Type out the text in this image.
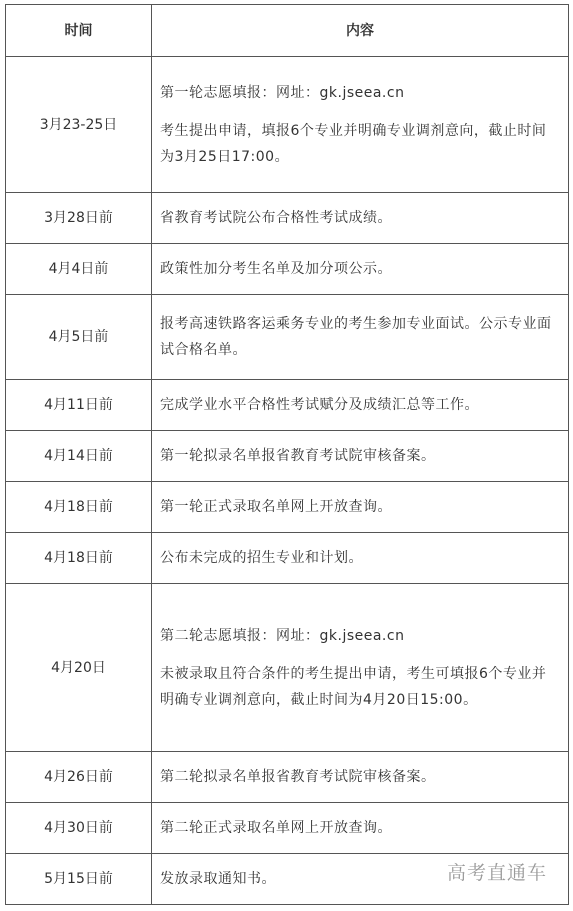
时间	内容
3月23-25日	第一轮志愿填报：网址：gk.jseea.cn

考生提出申请，填报6个专业并明确专业调剂意向，截止时间为3月25日17:00。

3月28日前	省教育考试院公布合格性考试成绩。

4月4日前	政策性加分考生名单及加分项公示。

4月5日前	报考高速铁路客运乘务专业的考生参加专业面试。公示专业面试合格名单。

4月11日前	完成学业水平合格性考试赋分及成绩汇总等工作。

4月14日前	第一轮拟录名单报省教育考试院审核备案。

4月18日前	第一轮正式录取名单网上开放查询。

4月18日前	公布未完成的招生专业和计划。

4月20日	第二轮志愿填报：网址：gk.jseea.cn

未被录取且符合条件的考生提出申请，考生可填报6个专业并明确专业调剂意向，截止时间为4月20日15:00。

4月26日前	第二轮拟录名单报省教育考试院审核备案。

4月30日前	第二轮正式录取名单网上开放查询。

5月15日前	发放录取通知书。	高考直通车
